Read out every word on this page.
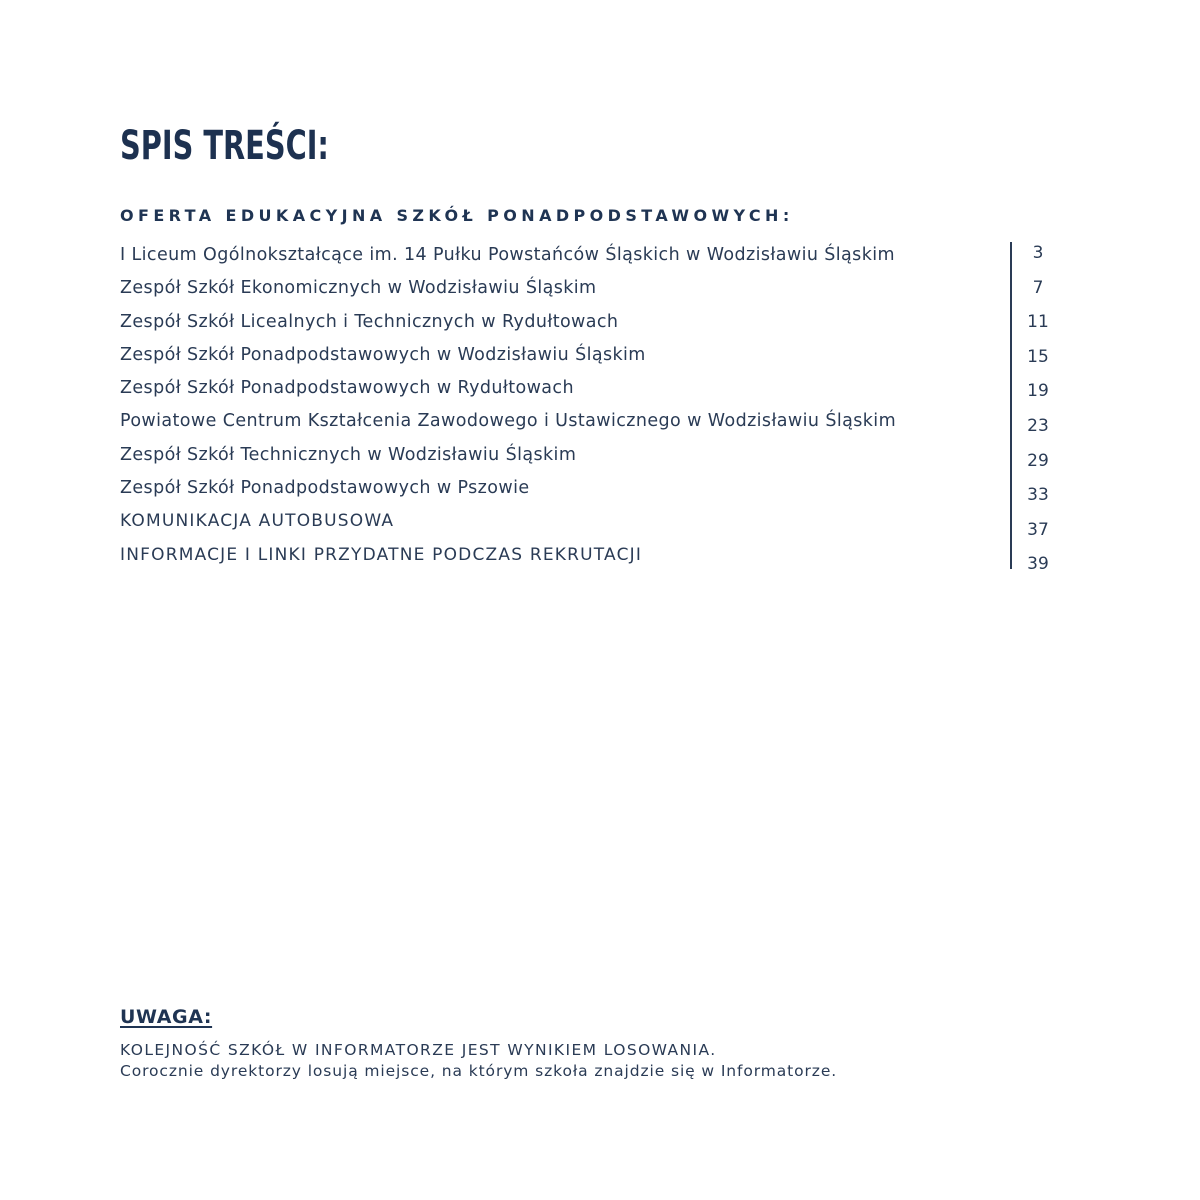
SPIS TREŚCI:
OFERTA EDUKACYJNA SZKÓŁ PONADPODSTAWOWYCH:
I Liceum Ogólnokształcące im. 14 Pułku Powstańców Śląskich w Wodzisławiu Śląskim
Zespół Szkół Ekonomicznych w Wodzisławiu Śląskim
Zespół Szkół Licealnych i Technicznych w Rydułtowach
Zespół Szkół Ponadpodstawowych w Wodzisławiu Śląskim
Zespół Szkół Ponadpodstawowych w Rydułtowach
Powiatowe Centrum Kształcenia Zawodowego i Ustawicznego w Wodzisławiu Śląskim
Zespół Szkół Technicznych w Wodzisławiu Śląskim
Zespół Szkół Ponadpodstawowych w Pszowie
KOMUNIKACJA AUTOBUSOWA
INFORMACJE I LINKI PRZYDATNE PODCZAS REKRUTACJI
3
7
11
15
19
23
29
33
37
39
UWAGA:

KOLEJNOŚĆ SZKÓŁ W INFORMATORZE JEST WYNIKIEM LOSOWANIA.

Corocznie dyrektorzy losują miejsce, na którym szkoła znajdzie się w Informatorze.
